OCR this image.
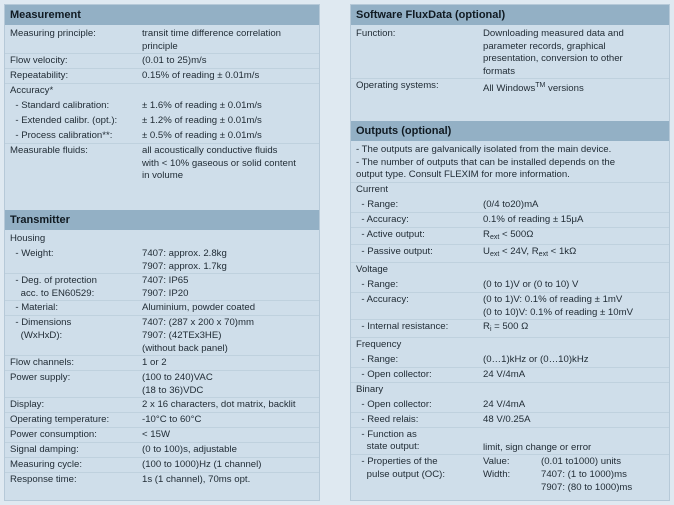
Measurement
Measuring principle:	transit time difference correlation
principle
Flow velocity:	(0.01 to 25)m/s
Repeatability:	0.15% of reading ± 0.01m/s
Accuracy*
- Standard calibration:	± 1.6% of reading ± 0.01m/s
- Extended calibr. (opt.):	± 1.2% of reading ± 0.01m/s
- Process calibration**:	± 0.5% of reading ± 0.01m/s
Measurable fluids:	all acoustically conductive fluids
with < 10% gaseous or solid content
in volume
Transmitter
Housing
- Weight:	7407: approx. 2.8kg
7907: approx. 1.7kg
- Deg. of protection
acc. to EN60529:
7407: IP65
7907: IP20
- Material:	Aluminium, powder coated
- Dimensions
(WxHxD):
7407: (287 x 200 x 70)mm
7907: (42TEx3HE)
(without back panel)
Flow channels:	1 or 2
Power supply:	(100 to 240)VAC
(18 to 36)VDC
Display:	2 x 16 characters, dot matrix, backlit
Operating temperature:	-10°C to 60°C
Power consumption:	< 15W
Signal damping:	(0 to 100)s, adjustable
Measuring cycle:	(100 to 1000)Hz (1 channel)
Response time:	1s (1 channel), 70ms opt.
Software FluxData (optional)
Function:	Downloading measured data and
parameter records, graphical
presentation, conversion to other
formats
Operating systems:	All Windows™ versions
Outputs (optional)
- The outputs are galvanically isolated from the main device.
- The number of outputs that can be installed depends on the
output type. Consult FLEXIM for more information.
Current
- Range:	(0/4 to20)mA
- Accuracy:	0.1% of reading ± 15μA
- Active output:	$R_{ext} < 500\Omega$
- Passive output:	$U_{ext} < 24V$, $R_{ext} < 1k\Omega$
Voltage
- Range:	(0 to 1)V or (0 to 10) V
- Accuracy:	(0 to 1)V: 0.1% of reading ± 1mV
(0 to 10)V: 0.1% of reading ± 10mV
- Internal resistance:	$R_i = 500$ Ω
Frequency
- Range:	(0…1)kHz or (0…10)kHz
- Open collector:	24 V/4mA
Binary
- Open collector:	24 V/4mA
- Reed relais:	48 V/0.25A
- Function as
state output:	limit, sign change or error
- Properties of the
pulse output (OC):
Value:	(0.01 to1000) units
Width:	7407: (1 to 1000)ms
7907: (80 to 1000)ms
